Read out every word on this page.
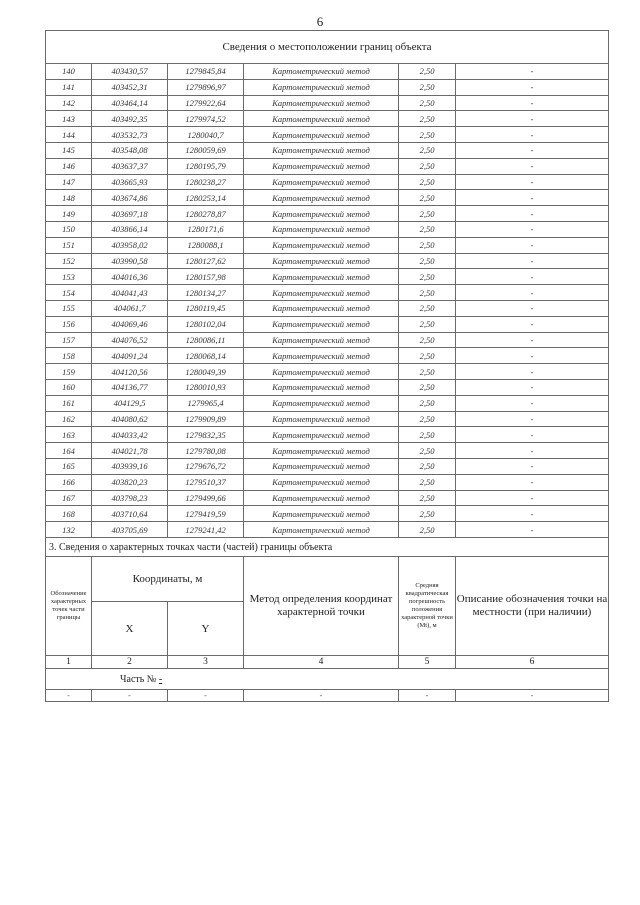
6
Сведения о местоположении границ объекта					
140	403430,57	1279845,84	Картометрический метод	2,50	-
141	403452,31	1279896,97	Картометрический метод	2,50	-
142	403464,14	1279922,64	Картометрический метод	2,50	-
143	403492,35	1279974,52	Картометрический метод	2,50	-
144	403532,73	1280040,7	Картометрический метод	2,50	-
145	403548,08	1280059,69	Картометрический метод	2,50	-
146	403637,37	1280195,79	Картометрический метод	2,50	-
147	403665,93	1280238,27	Картометрический метод	2,50	-
148	403674,86	1280253,14	Картометрический метод	2,50	-
149	403697,18	1280278,87	Картометрический метод	2,50	-
150	403866,14	1280171,6	Картометрический метод	2,50	-
151	403958,02	1280088,1	Картометрический метод	2,50	-
152	403990,58	1280127,62	Картометрический метод	2,50	-
153	404016,36	1280157,98	Картометрический метод	2,50	-
154	404041,43	1280134,27	Картометрический метод	2,50	-
155	404061,7	1280119,45	Картометрический метод	2,50	-
156	404069,46	1280102,04	Картометрический метод	2,50	-
157	404076,52	1280086,11	Картометрический метод	2,50	-
158	404091,24	1280068,14	Картометрический метод	2,50	-
159	404120,56	1280049,39	Картометрический метод	2,50	-
160	404136,77	1280010,93	Картометрический метод	2,50	-
161	404129,5	1279965,4	Картометрический метод	2,50	-
162	404080,62	1279909,89	Картометрический метод	2,50	-
163	404033,42	1279832,35	Картометрический метод	2,50	-
164	404021,78	1279780,08	Картометрический метод	2,50	-
165	403939,16	1279676,72	Картометрический метод	2,50	-
166	403820,23	1279510,37	Картометрический метод	2,50	-
167	403798,23	1279499,66	Картометрический метод	2,50	-
168	403710,64	1279419,59	Картометрический метод	2,50	-
132	403705,69	1279241,42	Картометрический метод	2,50	-
3. Сведения о характерных точках части (частей) границы объекта					
Обозначение характерных точек части границы	Координаты, м		Метод определения координат характерной точки	Средняя квадратическая погрешность положения характерной точки (Mt), м	Описание обозначения точки на местности (при наличии)
	X	Y			
1	2	3	4	5	6
Часть № -					
-	-	-	-	-	-
